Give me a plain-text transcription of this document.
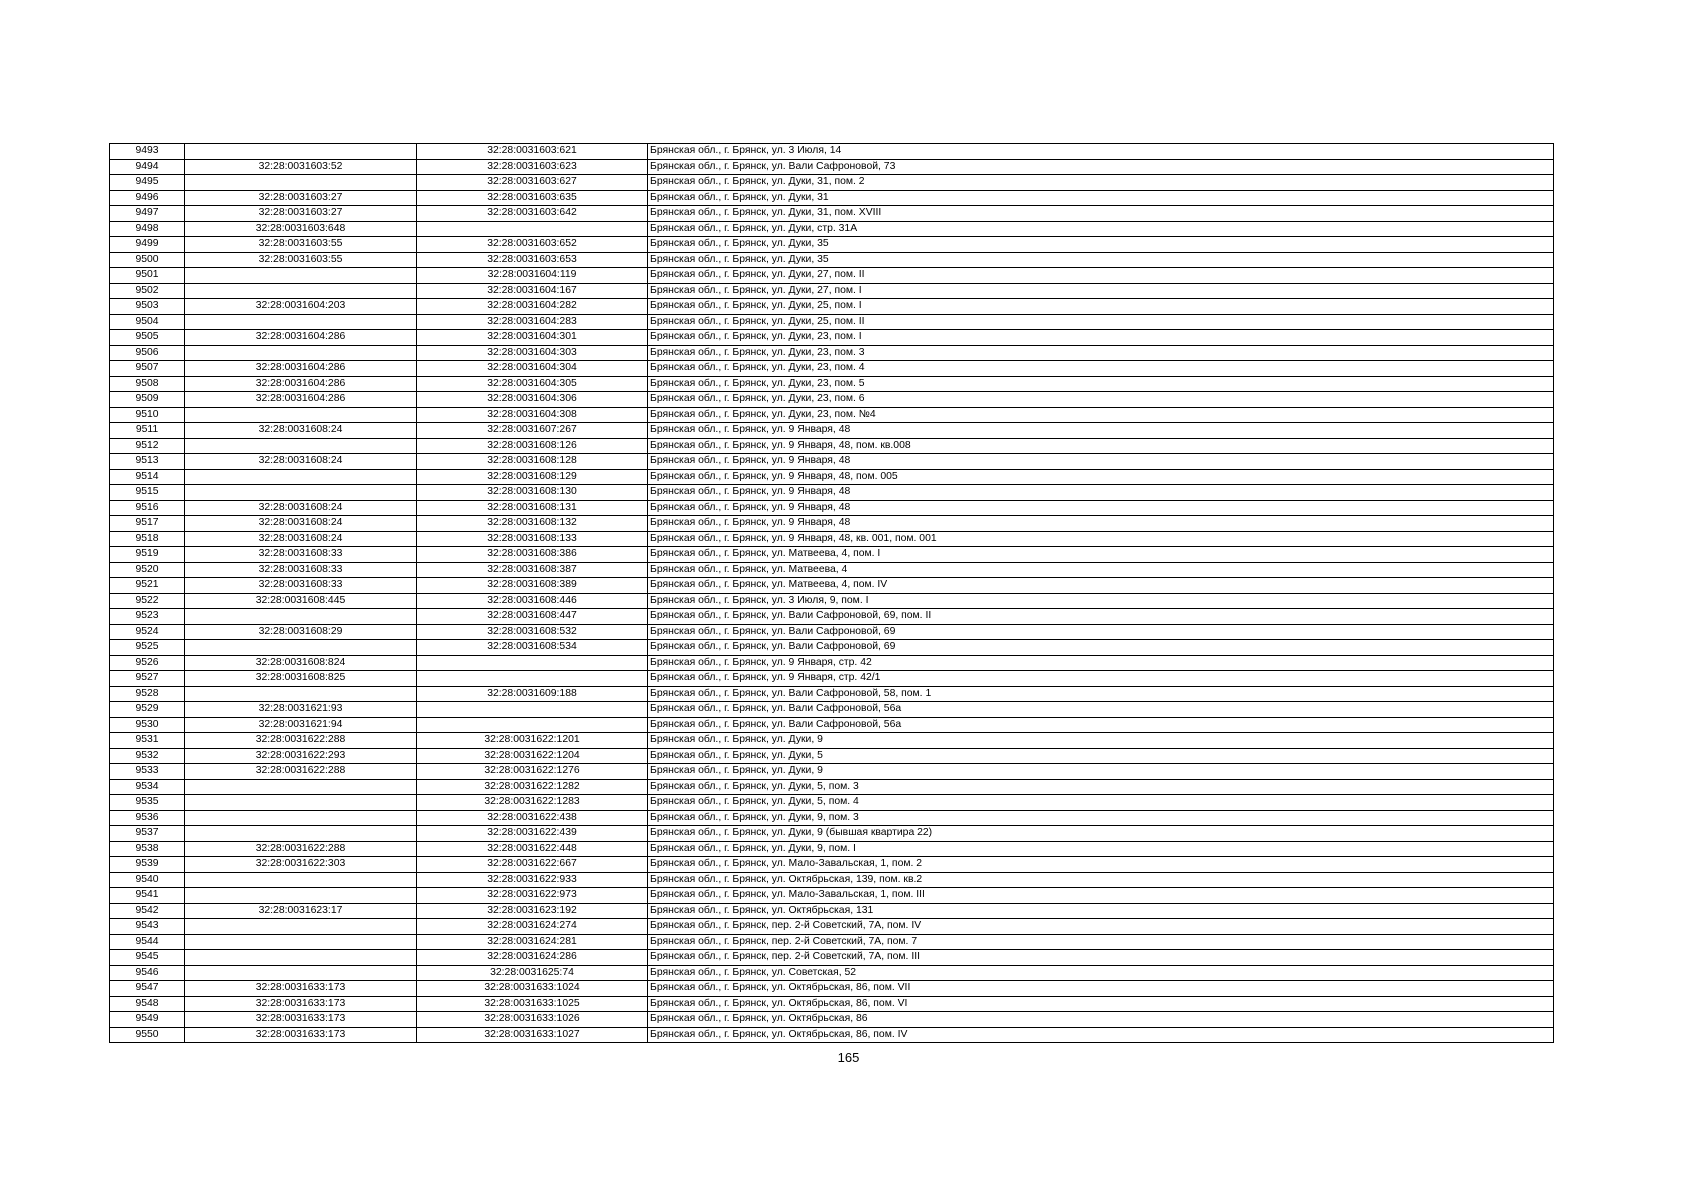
9493		32:28:0031603:621	Брянская обл., г. Брянск, ул. 3 Июля, 14
9494	32:28:0031603:52	32:28:0031603:623	Брянская обл., г. Брянск, ул. Вали Сафроновой, 73
9495		32:28:0031603:627	Брянская обл., г. Брянск, ул. Дуки, 31, пом. 2
9496	32:28:0031603:27	32:28:0031603:635	Брянская обл., г. Брянск, ул. Дуки, 31
9497	32:28:0031603:27	32:28:0031603:642	Брянская обл., г. Брянск, ул. Дуки, 31, пом. XVIII
9498	32:28:0031603:648		Брянская обл., г. Брянск, ул. Дуки, стр. 31А
9499	32:28:0031603:55	32:28:0031603:652	Брянская обл., г. Брянск, ул. Дуки, 35
9500	32:28:0031603:55	32:28:0031603:653	Брянская обл., г. Брянск, ул. Дуки, 35
9501		32:28:0031604:119	Брянская обл., г. Брянск, ул. Дуки, 27, пом. II
9502		32:28:0031604:167	Брянская обл., г. Брянск, ул. Дуки, 27, пом. I
9503	32:28:0031604:203	32:28:0031604:282	Брянская обл., г. Брянск, ул. Дуки, 25, пом. I
9504		32:28:0031604:283	Брянская обл., г. Брянск, ул. Дуки, 25, пом. II
9505	32:28:0031604:286	32:28:0031604:301	Брянская обл., г. Брянск, ул. Дуки, 23, пом. I
9506		32:28:0031604:303	Брянская обл., г. Брянск, ул. Дуки, 23, пом. 3
9507	32:28:0031604:286	32:28:0031604:304	Брянская обл., г. Брянск, ул. Дуки, 23, пом. 4
9508	32:28:0031604:286	32:28:0031604:305	Брянская обл., г. Брянск, ул. Дуки, 23, пом. 5
9509	32:28:0031604:286	32:28:0031604:306	Брянская обл., г. Брянск, ул. Дуки, 23, пом. 6
9510		32:28:0031604:308	Брянская обл., г. Брянск, ул. Дуки, 23, пом. №4
9511	32:28:0031608:24	32:28:0031607:267	Брянская обл., г. Брянск, ул. 9 Января, 48
9512		32:28:0031608:126	Брянская обл., г. Брянск, ул. 9 Января, 48, пом. кв.008
9513	32:28:0031608:24	32:28:0031608:128	Брянская обл., г. Брянск, ул. 9 Января, 48
9514		32:28:0031608:129	Брянская обл., г. Брянск, ул. 9 Января, 48, пом. 005
9515		32:28:0031608:130	Брянская обл., г. Брянск, ул. 9 Января, 48
9516	32:28:0031608:24	32:28:0031608:131	Брянская обл., г. Брянск, ул. 9 Января, 48
9517	32:28:0031608:24	32:28:0031608:132	Брянская обл., г. Брянск, ул. 9 Января, 48
9518	32:28:0031608:24	32:28:0031608:133	Брянская обл., г. Брянск, ул. 9 Января, 48, кв. 001, пом. 001
9519	32:28:0031608:33	32:28:0031608:386	Брянская обл., г. Брянск, ул. Матвеева, 4, пом. I
9520	32:28:0031608:33	32:28:0031608:387	Брянская обл., г. Брянск, ул. Матвеева, 4
9521	32:28:0031608:33	32:28:0031608:389	Брянская обл., г. Брянск, ул. Матвеева, 4, пом. IV
9522	32:28:0031608:445	32:28:0031608:446	Брянская обл., г. Брянск, ул. 3 Июля, 9, пом. I
9523		32:28:0031608:447	Брянская обл., г. Брянск, ул. Вали Сафроновой, 69, пом. II
9524	32:28:0031608:29	32:28:0031608:532	Брянская обл., г. Брянск, ул. Вали Сафроновой, 69
9525		32:28:0031608:534	Брянская обл., г. Брянск, ул. Вали Сафроновой, 69
9526	32:28:0031608:824		Брянская обл., г. Брянск, ул. 9 Января, стр. 42
9527	32:28:0031608:825		Брянская обл., г. Брянск, ул. 9 Января, стр. 42/1
9528		32:28:0031609:188	Брянская обл., г. Брянск, ул. Вали Сафроновой, 58, пом. 1
9529	32:28:0031621:93		Брянская обл., г. Брянск, ул. Вали Сафроновой, 56а
9530	32:28:0031621:94		Брянская обл., г. Брянск, ул. Вали Сафроновой, 56а
9531	32:28:0031622:288	32:28:0031622:1201	Брянская обл., г. Брянск, ул. Дуки, 9
9532	32:28:0031622:293	32:28:0031622:1204	Брянская обл., г. Брянск, ул. Дуки, 5
9533	32:28:0031622:288	32:28:0031622:1276	Брянская обл., г. Брянск, ул. Дуки, 9
9534		32:28:0031622:1282	Брянская обл., г. Брянск, ул. Дуки, 5, пом. 3
9535		32:28:0031622:1283	Брянская обл., г. Брянск, ул. Дуки, 5, пом. 4
9536		32:28:0031622:438	Брянская обл., г. Брянск, ул. Дуки, 9, пом. 3
9537		32:28:0031622:439	Брянская обл., г. Брянск, ул. Дуки, 9 (бывшая квартира 22)
9538	32:28:0031622:288	32:28:0031622:448	Брянская обл., г. Брянск, ул. Дуки, 9, пом. I
9539	32:28:0031622:303	32:28:0031622:667	Брянская обл., г. Брянск, ул. Мало-Завальская, 1, пом. 2
9540		32:28:0031622:933	Брянская обл., г. Брянск, ул. Октябрьская, 139, пом. кв.2
9541		32:28:0031622:973	Брянская обл., г. Брянск, ул. Мало-Завальская, 1, пом. III
9542	32:28:0031623:17	32:28:0031623:192	Брянская обл., г. Брянск, ул. Октябрьская, 131
9543		32:28:0031624:274	Брянская обл., г. Брянск, пер. 2-й Советский, 7А, пом. IV
9544		32:28:0031624:281	Брянская обл., г. Брянск, пер. 2-й Советский, 7А, пом. 7
9545		32:28:0031624:286	Брянская обл., г. Брянск, пер. 2-й Советский, 7А, пом. III
9546		32:28:0031625:74	Брянская обл., г. Брянск, ул. Советская, 52
9547	32:28:0031633:173	32:28:0031633:1024	Брянская обл., г. Брянск, ул. Октябрьская, 86, пом. VII
9548	32:28:0031633:173	32:28:0031633:1025	Брянская обл., г. Брянск, ул. Октябрьская, 86, пом. VI
9549	32:28:0031633:173	32:28:0031633:1026	Брянская обл., г. Брянск, ул. Октябрьская, 86
9550	32:28:0031633:173	32:28:0031633:1027	Брянская обл., г. Брянск, ул. Октябрьская, 86, пом. IV
165
